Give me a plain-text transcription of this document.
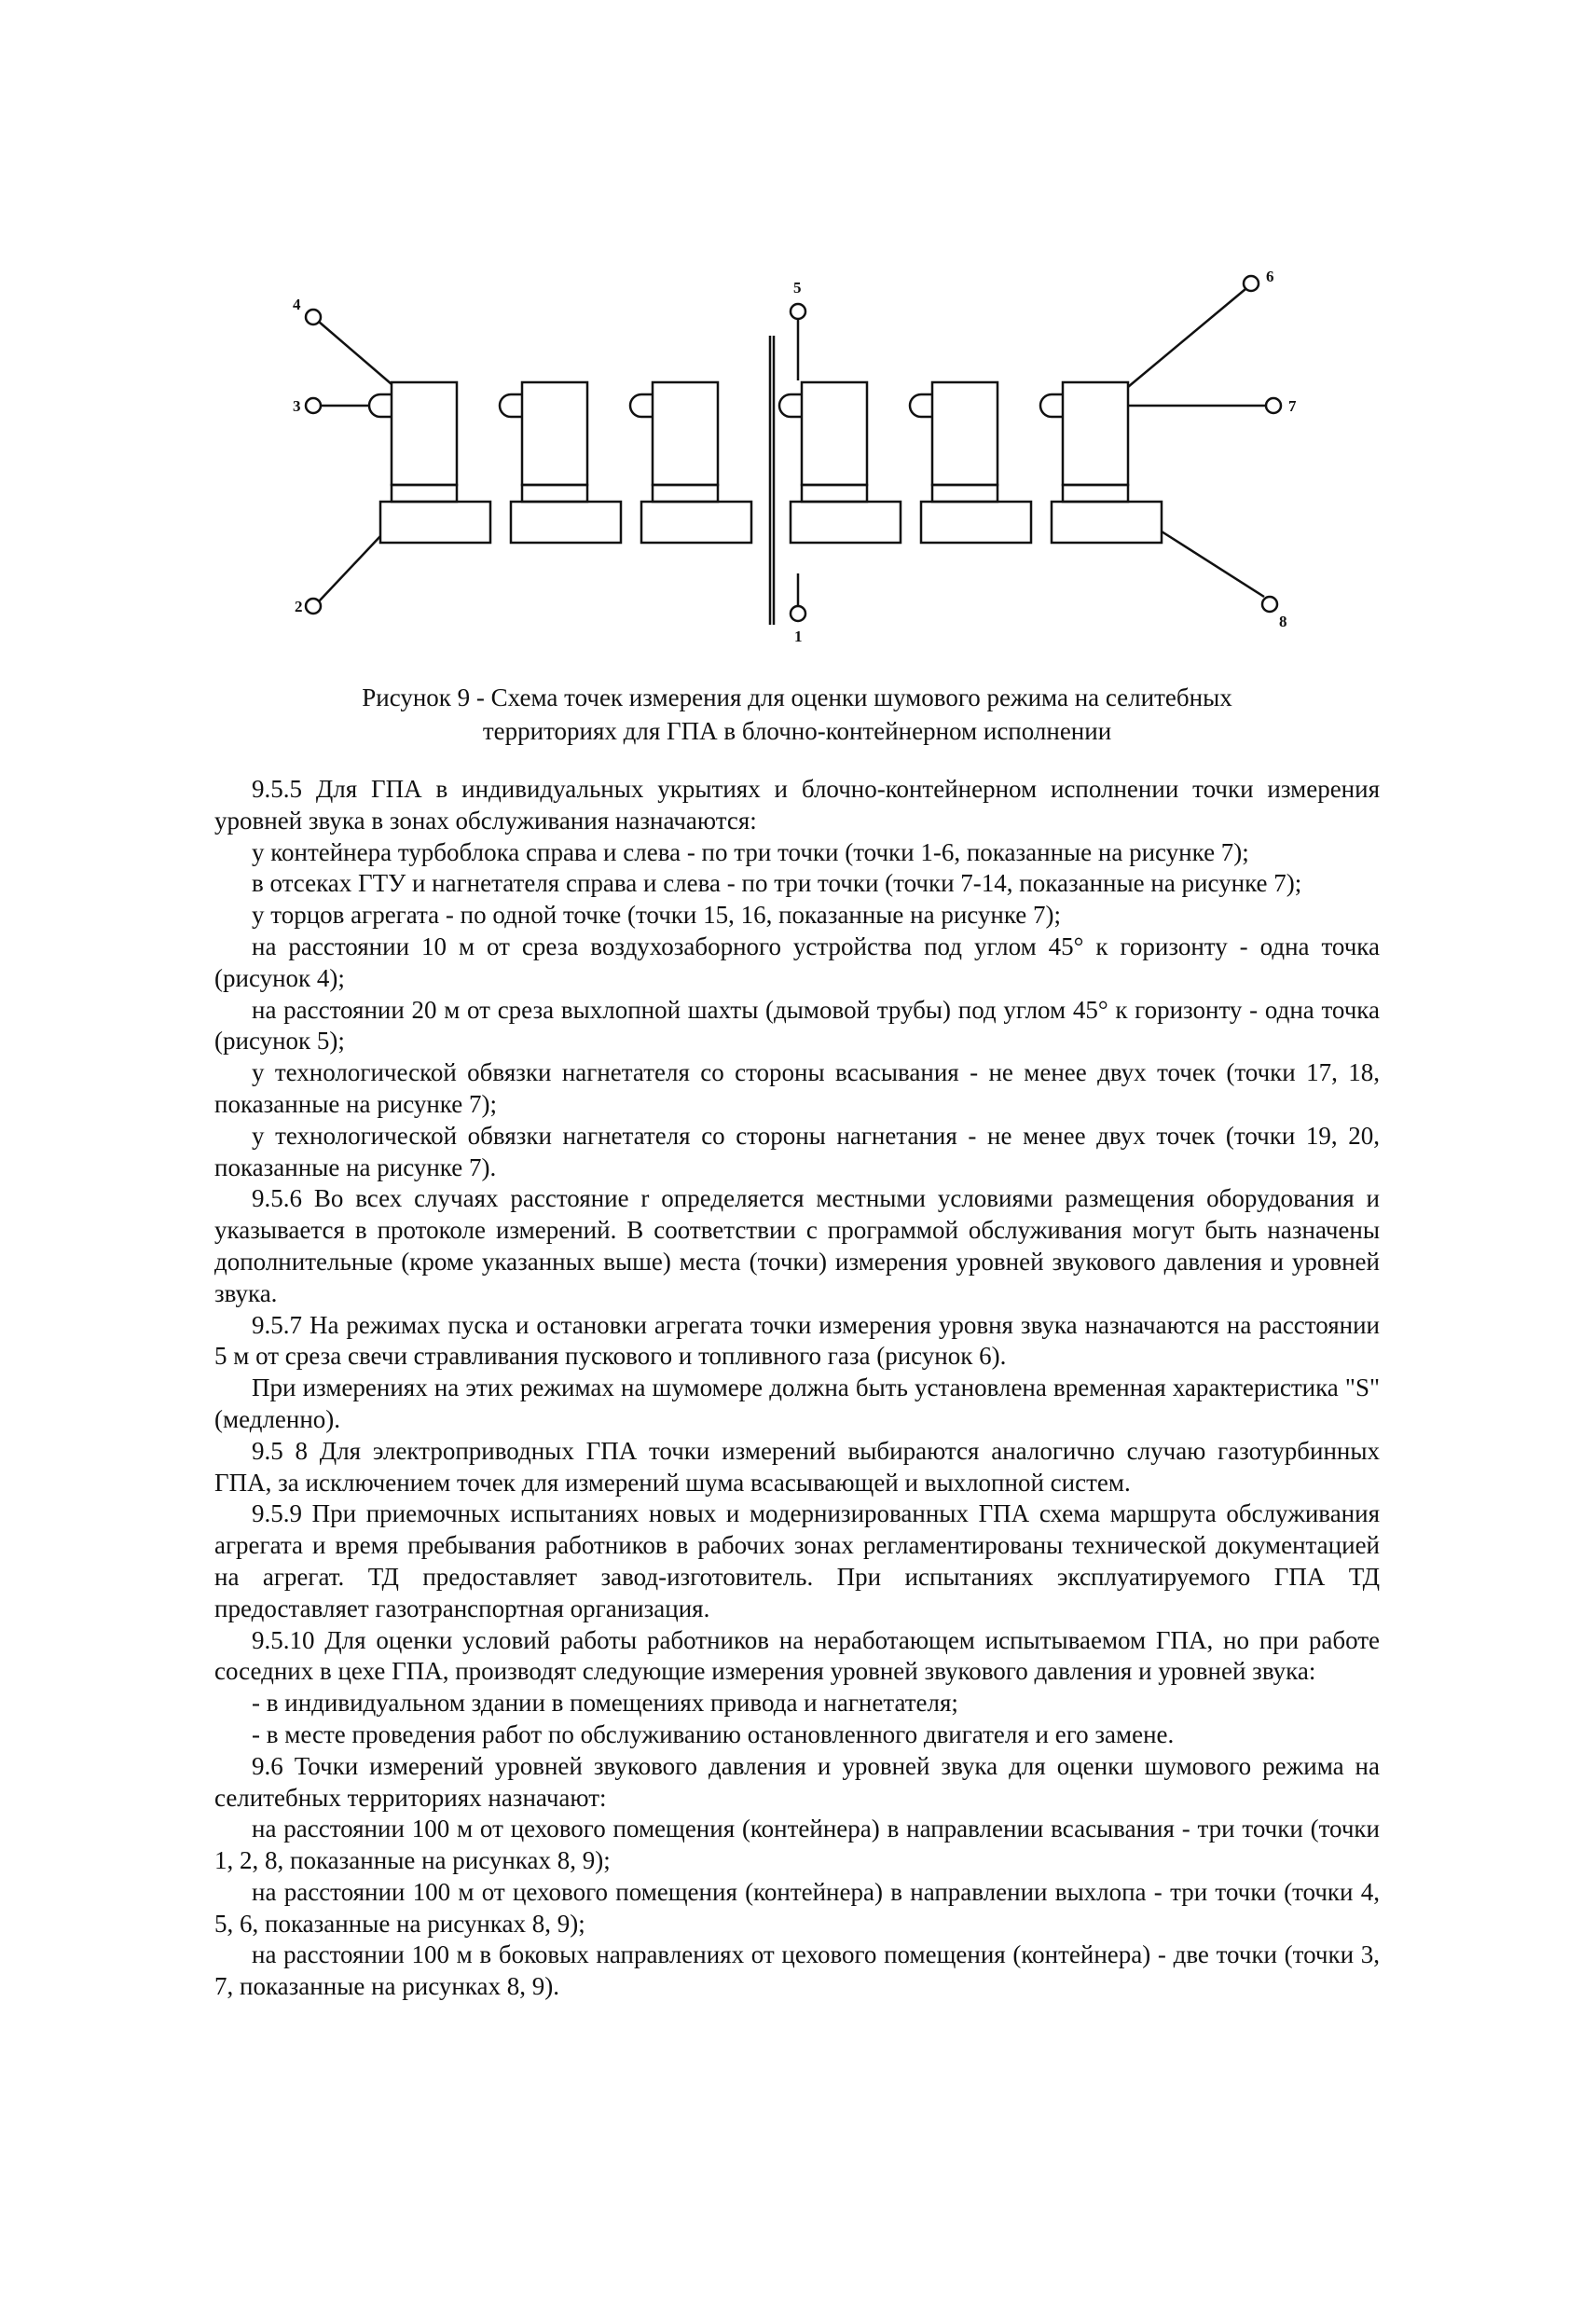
4
3
2
5
1
6
7
8
Рисунок 9 - Схема точек измерения для оценки шумового режима на селитебных
территориях для ГПА в блочно-контейнерном исполнении

9.5.5 Для ГПА в индивидуальных укрытиях и блочно-контейнерном исполнении точки измерения уровней звука в зонах обслуживания назначаются:

у контейнера турбоблока справа и слева - по три точки (точки 1-6, показанные на рисунке 7);

в отсеках ГТУ и нагнетателя справа и слева - по три точки (точки 7-14, показанные на рисунке 7);

у торцов агрегата - по одной точке (точки 15, 16, показанные на рисунке 7);

на расстоянии 10 м от среза воздухозаборного устройства под углом 45° к горизонту - одна точка (рисунок 4);

на расстоянии 20 м от среза выхлопной шахты (дымовой трубы) под углом 45° к горизонту - одна точка (рисунок 5);

у технологической обвязки нагнетателя со стороны всасывания - не менее двух точек (точки 17, 18, показанные на рисунке 7);

у технологической обвязки нагнетателя со стороны нагнетания - не менее двух точек (точки 19, 20, показанные на рисунке 7).

9.5.6 Во всех случаях расстояние r определяется местными условиями размещения оборудования и указывается в протоколе измерений. В соответствии с программой обслуживания могут быть назначены дополнительные (кроме указанных выше) места (точки) измерения уровней звукового давления и уровней звука.

9.5.7 На режимах пуска и остановки агрегата точки измерения уровня звука назначаются на расстоянии 5 м от среза свечи стравливания пускового и топливного газа (рисунок 6).

При измерениях на этих режимах на шумомере должна быть установлена временная характеристика "S" (медленно).

9.5 8 Для электроприводных ГПА точки измерений выбираются аналогично случаю газотурбинных ГПА, за исключением точек для измерений шума всасывающей и выхлопной систем.

9.5.9 При приемочных испытаниях новых и модернизированных ГПА схема маршрута обслуживания агрегата и время пребывания работников в рабочих зонах регламентированы технической документацией на агрегат. ТД предоставляет завод-изготовитель. При испытаниях эксплуатируемого ГПА ТД предоставляет газотранспортная организация.

9.5.10 Для оценки условий работы работников на неработающем испытываемом ГПА, но при работе соседних в цехе ГПА, производят следующие измерения уровней звукового давления и уровней звука:

- в индивидуальном здании в помещениях привода и нагнетателя;

- в месте проведения работ по обслуживанию остановленного двигателя и его замене.

9.6 Точки измерений уровней звукового давления и уровней звука для оценки шумового режима на селитебных территориях назначают:

на расстоянии 100 м от цехового помещения (контейнера) в направлении всасывания - три точки (точки 1, 2, 8, показанные на рисунках 8, 9);

на расстоянии 100 м от цехового помещения (контейнера) в направлении выхлопа - три точки (точки 4, 5, 6, показанные на рисунках 8, 9);

на расстоянии 100 м в боковых направлениях от цехового помещения (контейнера) - две точки (точки 3, 7, показанные на рисунках 8, 9).
